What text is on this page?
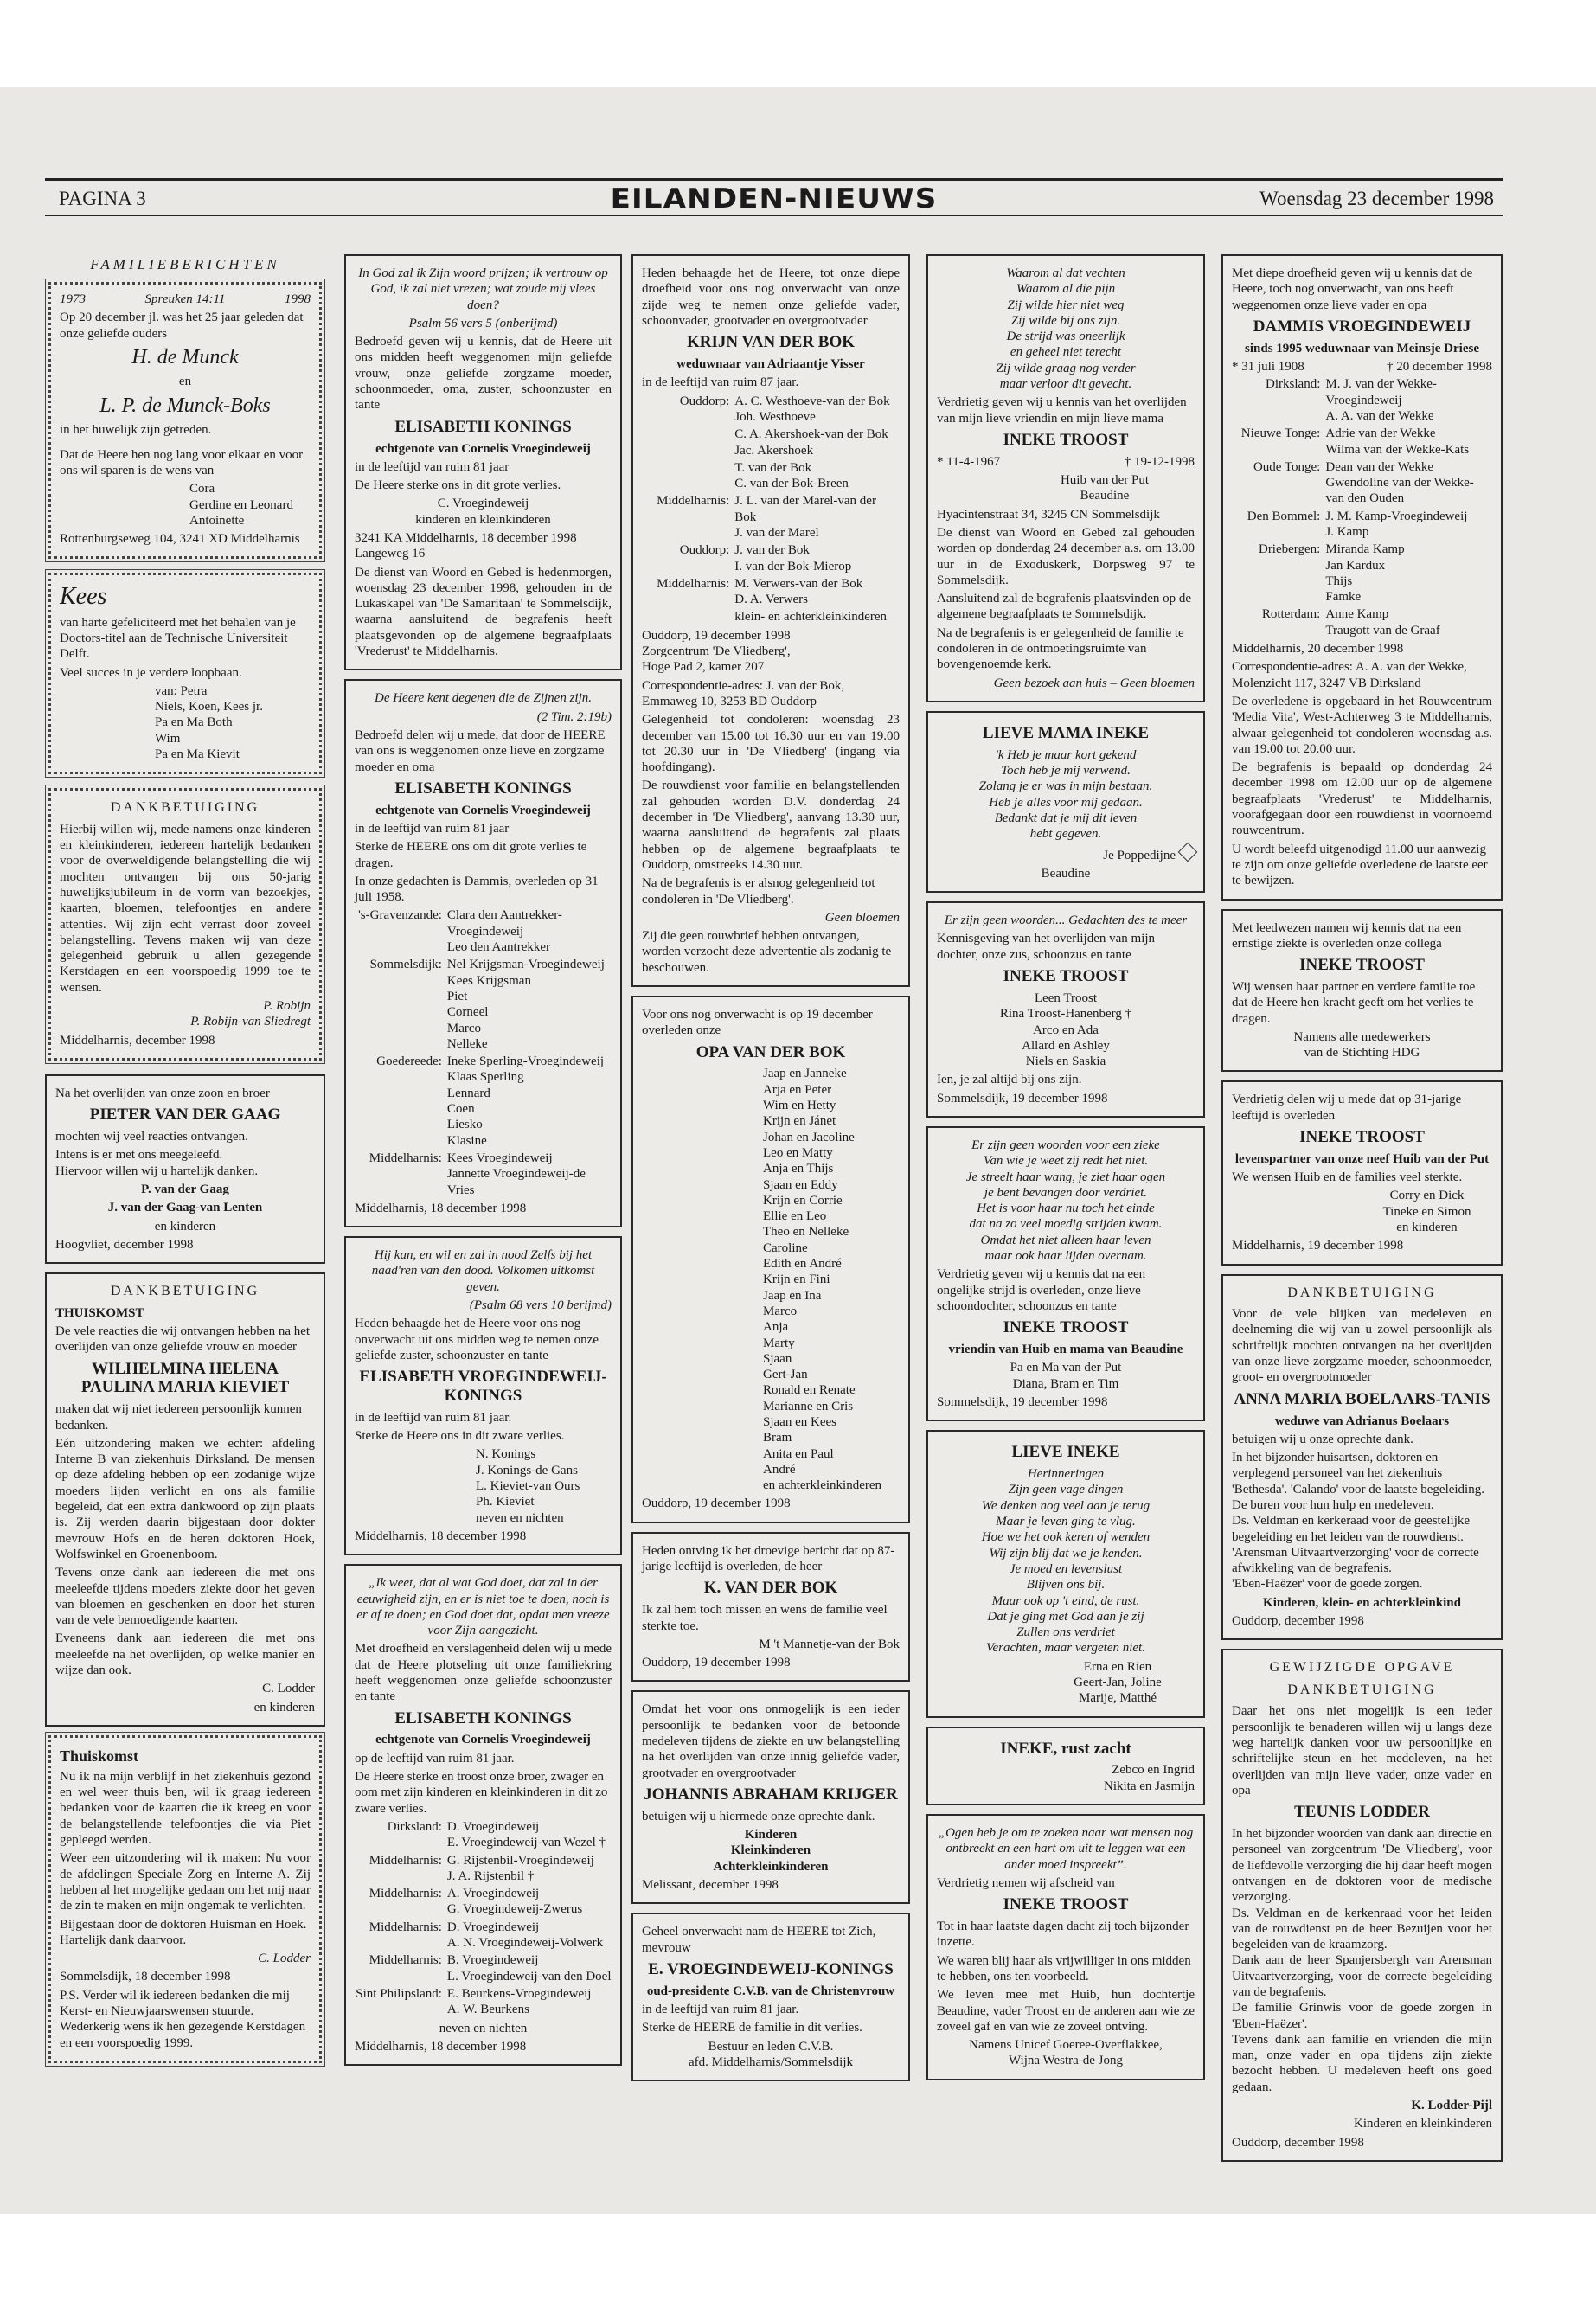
PAGINA 3	EILANDEN-NIEUWS	Woensdag 23 december 1998
FAMILIEBERICHTEN
1973	Spreuken 14:11	1998

Op 20 december jl. was het 25 jaar geleden dat onze geliefde ouders

H. de Munck
en
L. P. de Munck-Boks

in het huwelijk zijn getreden.

Dat de Heere hen nog lang voor elkaar en voor ons wil sparen is de wens van

Cora
Gerdine en Leonard
Antoinette

Rottenburgseweg 104, 3241 XD Middelharnis

Kees

van harte gefeliciteerd met het behalen van je Doctors-titel aan de Technische Universiteit Delft.

Veel succes in je verdere loopbaan.

van: Petra
Niels, Koen, Kees jr.
Pa en Ma Both
Wim
Pa en Ma Kievit

DANKBETUIGING

Hierbij willen wij, mede namens onze kinderen en kleinkinderen, iedereen hartelijk bedanken voor de overweldigende belangstelling die wij mochten ontvangen bij ons 50-jarig huwelijksjubileum in de vorm van bezoekjes, kaarten, bloemen, telefoontjes en andere attenties. Wij zijn echt verrast door zoveel belangstelling. Tevens maken wij van deze gelegenheid gebruik u allen gezegende Kerstdagen en een voorspoedig 1999 toe te wensen.

P. Robijn
P. Robijn-van Sliedregt

Middelharnis, december 1998

Na het overlijden van onze zoon en broer

PIETER VAN DER GAAG

mochten wij veel reacties ontvangen.

Intens is er met ons meegeleefd.
Hiervoor willen wij u hartelijk danken.

P. van der Gaag

J. van der Gaag-van Lenten

en kinderen

Hoogvliet, december 1998

DANKBETUIGING

THUISKOMST

De vele reacties die wij ontvangen hebben na het overlijden van onze geliefde vrouw en moeder

WILHELMINA HELENA PAULINA MARIA KIEVIET

maken dat wij niet iedereen persoonlijk kunnen bedanken.

Eén uitzondering maken we echter: afdeling Interne B van ziekenhuis Dirksland. De mensen op deze afdeling hebben op een zodanige wijze moeders lijden verlicht en ons als familie begeleid, dat een extra dankwoord op zijn plaats is. Zij werden daarin bijgestaan door dokter mevrouw Hofs en de heren doktoren Hoek, Wolfswinkel en Groenenboom.

Tevens onze dank aan iedereen die met ons meeleefde tijdens moeders ziekte door het geven van bloemen en geschenken en door het sturen van de vele bemoedigende kaarten.

Eveneens dank aan iedereen die met ons meeleefde na het overlijden, op welke manier en wijze dan ook.

C. Lodder

en kinderen

Thuiskomst

Nu ik na mijn verblijf in het ziekenhuis gezond en wel weer thuis ben, wil ik graag iedereen bedanken voor de kaarten die ik kreeg en voor de belangstellende telefoontjes die via Piet gepleegd werden.

Weer een uitzondering wil ik maken: Nu voor de afdelingen Speciale Zorg en Interne A. Zij hebben al het mogelijke gedaan om het mij naar de zin te maken en mijn ongemak te verlichten.

Bijgestaan door de doktoren Huisman en Hoek. Hartelijk dank daarvoor.

C. Lodder

Sommelsdijk, 18 december 1998

P.S. Verder wil ik iedereen bedanken die mij Kerst- en Nieuwjaarswensen stuurde. Wederkerig wens ik hen gezegende Kerstdagen en een voorspoedig 1999.

In God zal ik Zijn woord prijzen; ik vertrouw op God, ik zal niet vrezen; wat zoude mij vlees doen?

Psalm 56 vers 5 (onberijmd)

Bedroefd geven wij u kennis, dat de Heere uit ons midden heeft weggenomen mijn geliefde vrouw, onze geliefde zorgzame moeder, schoonmoeder, oma, zuster, schoonzuster en tante

ELISABETH KONINGS

echtgenote van Cornelis Vroegindeweij

in de leeftijd van ruim 81 jaar

De Heere sterke ons in dit grote verlies.

C. Vroegindeweij
kinderen en kleinkinderen

3241 KA Middelharnis, 18 december 1998
Langeweg 16

De dienst van Woord en Gebed is hedenmorgen, woensdag 23 december 1998, gehouden in de Lukaskapel van 'De Samaritaan' te Sommelsdijk, waarna aansluitend de begrafenis heeft plaatsgevonden op de algemene begraafplaats 'Vrederust' te Middelharnis.

De Heere kent degenen die de Zijnen zijn.

(2 Tim. 2:19b)

Bedroefd delen wij u mede, dat door de HEERE van ons is weggenomen onze lieve en zorgzame moeder en oma

ELISABETH KONINGS

echtgenote van Cornelis Vroegindeweij

in de leeftijd van ruim 81 jaar

Sterke de HEERE ons om dit grote verlies te dragen.

In onze gedachten is Dammis, overleden op 31 juli 1958.

's-Gravenzande: Clara den Aantrekker-Vroegindeweij
Leo den Aantrekker
Sommelsdijk: Nel Krijgsman-Vroegindeweij
Kees Krijgsman
Piet
Corneel
Marco
Nelleke
Goedereede: Ineke Sperling-Vroegindeweij
Klaas Sperling
Lennard
Coen
Liesko
Klasine
Middelharnis: Kees Vroegindeweij
Jannette Vroegindeweij-de Vries

Middelharnis, 18 december 1998

Hij kan, en wil en zal in nood Zelfs bij het naad'ren van den dood. Volkomen uitkomst geven.

(Psalm 68 vers 10 berijmd)

Heden behaagde het de Heere voor ons nog onverwacht uit ons midden weg te nemen onze geliefde zuster, schoonzuster en tante

ELISABETH VROEGINDEWEIJ-KONINGS

in de leeftijd van ruim 81 jaar.

Sterke de Heere ons in dit zware verlies.

N. Konings
J. Konings-de Gans
L. Kieviet-van Ours
Ph. Kieviet
neven en nichten

Middelharnis, 18 december 1998

„Ik weet, dat al wat God doet, dat zal in der eeuwigheid zijn, en er is niet toe te doen, noch is er af te doen; en God doet dat, opdat men vreeze voor Zijn aangezicht.

Met droefheid en verslagenheid delen wij u mede dat de Heere plotseling uit onze familiekring heeft weggenomen onze geliefde schoonzuster en tante

ELISABETH KONINGS

echtgenote van Cornelis Vroegindeweij

op de leeftijd van ruim 81 jaar.

De Heere sterke en troost onze broer, zwager en oom met zijn kinderen en kleinkinderen in dit zo zware verlies.

Dirksland: D. Vroegindeweij
E. Vroegindeweij-van Wezel †
Middelharnis: G. Rijstenbil-Vroegindeweij
J. A. Rijstenbil †
Middelharnis: A. Vroegindeweij
G. Vroegindeweij-Zwerus
Middelharnis: D. Vroegindeweij
A. N. Vroegindeweij-Volwerk
Middelharnis: B. Vroegindeweij
L. Vroegindeweij-van den Doel
Sint Philipsland: E. Beurkens-Vroegindeweij
A. W. Beurkens

neven en nichten

Middelharnis, 18 december 1998

Heden behaagde het de Heere, tot onze diepe droefheid voor ons nog onverwacht van onze zijde weg te nemen onze geliefde vader, schoonvader, grootvader en overgrootvader

KRIJN VAN DER BOK

weduwnaar van Adriaantje Visser

in de leeftijd van ruim 87 jaar.

Ouddorp: A. C. Westhoeve-van der Bok
Joh. Westhoeve
C. A. Akershoek-van der Bok
Jac. Akershoek
T. van der Bok
C. van der Bok-Breen
Middelharnis: J. L. van der Marel-van der Bok
J. van der Marel
Ouddorp: J. van der Bok
I. van der Bok-Mierop
Middelharnis: M. Verwers-van der Bok
D. A. Verwers
klein- en achterkleinkinderen

Ouddorp, 19 december 1998
Zorgcentrum 'De Vliedberg',
Hoge Pad 2, kamer 207

Correspondentie-adres: J. van der Bok, Emmaweg 10, 3253 BD Ouddorp

Gelegenheid tot condoleren: woensdag 23 december van 15.00 tot 16.30 uur en van 19.00 tot 20.30 uur in 'De Vliedberg' (ingang via hoofdingang).

De rouwdienst voor familie en belangstellenden zal gehouden worden D.V. donderdag 24 december in 'De Vliedberg', aanvang 13.30 uur, waarna aansluitend de begrafenis zal plaats hebben op de algemene begraafplaats te Ouddorp, omstreeks 14.30 uur.

Na de begrafenis is er alsnog gelegenheid tot condoleren in 'De Vliedberg'.

Geen bloemen

Zij die geen rouwbrief hebben ontvangen, worden verzocht deze advertentie als zodanig te beschouwen.

Voor ons nog onverwacht is op 19 december overleden onze

OPA VAN DER BOK

Jaap en Janneke
Arja en Peter
Wim en Hetty
Krijn en Jánet
Johan en Jacoline
Leo en Matty
Anja en Thijs
Sjaan en Eddy
Krijn en Corrie
Ellie en Leo
Theo en Nelleke
Caroline
Edith en André
Krijn en Fini
Jaap en Ina
Marco
Anja
Marty
Sjaan
Gert-Jan
Ronald en Renate
Marianne en Cris
Sjaan en Kees
Bram
Anita en Paul
André
en achterkleinkinderen

Ouddorp, 19 december 1998

Heden ontving ik het droevige bericht dat op 87-jarige leeftijd is overleden, de heer

K. VAN DER BOK

Ik zal hem toch missen en wens de familie veel sterkte toe.

M 't Mannetje-van der Bok

Ouddorp, 19 december 1998

Omdat het voor ons onmogelijk is een ieder persoonlijk te bedanken voor de betoonde medeleven tijdens de ziekte en uw belangstelling na het overlijden van onze innig geliefde vader, grootvader en overgrootvader

JOHANNIS ABRAHAM KRIJGER

betuigen wij u hiermede onze oprechte dank.

Kinderen
Kleinkinderen
Achterkleinkinderen

Melissant, december 1998

Geheel onverwacht nam de HEERE tot Zich, mevrouw

E. VROEGINDEWEIJ-KONINGS

oud-presidente C.V.B. van de Christenvrouw

in de leeftijd van ruim 81 jaar.

Sterke de HEERE de familie in dit verlies.

Bestuur en leden C.V.B.
afd. Middelharnis/Sommelsdijk

Waarom al dat vechten
Waarom al die pijn
Zij wilde hier niet weg
Zij wilde bij ons zijn.
De strijd was oneerlijk
en geheel niet terecht
Zij wilde graag nog verder
maar verloor dit gevecht.

Verdrietig geven wij u kennis van het overlijden van mijn lieve vriendin en mijn lieve mama

INEKE TROOST
* 11-4-1967	† 19-12-1998

Huib van der Put
Beaudine

Hyacintenstraat 34, 3245 CN Sommelsdijk

De dienst van Woord en Gebed zal gehouden worden op donderdag 24 december a.s. om 13.00 uur in de Exoduskerk, Dorpsweg 97 te Sommelsdijk.

Aansluitend zal de begrafenis plaatsvinden op de algemene begraafplaats te Sommelsdijk.

Na de begrafenis is er gelegenheid de familie te condoleren in de ontmoetingsruimte van bovengenoemde kerk.

Geen bezoek aan huis – Geen bloemen

LIEVE MAMA INEKE

'k Heb je maar kort gekend
Toch heb je mij verwend.
Zolang je er was in mijn bestaan.
Heb je alles voor mij gedaan.
Bedankt dat je mij dit leven
hebt gegeven.

Je Poppedijne

Beaudine

Er zijn geen woorden... Gedachten des te meer

Kennisgeving van het overlijden van mijn dochter, onze zus, schoonzus en tante

INEKE TROOST

Leen Troost
Rina Troost-Hanenberg †
Arco en Ada
Allard en Ashley
Niels en Saskia

Ien, je zal altijd bij ons zijn.

Sommelsdijk, 19 december 1998

Er zijn geen woorden voor een zieke
Van wie je weet zij redt het niet.
Je streelt haar wang, je ziet haar ogen
je bent bevangen door verdriet.
Het is voor haar nu toch het einde
dat na zo veel moedig strijden kwam.
Omdat het niet alleen haar leven
maar ook haar lijden overnam.

Verdrietig geven wij u kennis dat na een ongelijke strijd is overleden, onze lieve schoondochter, schoonzus en tante

INEKE TROOST

vriendin van Huib en mama van Beaudine

Pa en Ma van der Put
Diana, Bram en Tim

Sommelsdijk, 19 december 1998

LIEVE INEKE

Herinneringen
Zijn geen vage dingen
We denken nog veel aan je terug
Maar je leven ging te vlug.
Hoe we het ook keren of wenden
Wij zijn blij dat we je kenden.
Je moed en levenslust
Blijven ons bij.
Maar ook op 't eind, de rust.
Dat je ging met God aan je zij
Zullen ons verdriet
Verachten, maar vergeten niet.

Erna en Rien
Geert-Jan, Joline
Marije, Matthé

INEKE, rust zacht

Zebco en Ingrid
Nikita en Jasmijn

„Ogen heb je om te zoeken naar wat mensen nog ontbreekt en een hart om uit te leggen wat een ander moed inspreekt”.

Verdrietig nemen wij afscheid van

INEKE TROOST

Tot in haar laatste dagen dacht zij toch bijzonder inzette.

We waren blij haar als vrijwilliger in ons midden te hebben, ons ten voorbeeld.

We leven mee met Huib, hun dochtertje Beaudine, vader Troost en de anderen aan wie ze zoveel gaf en van wie ze zoveel ontving.

Namens Unicef Goeree-Overflakkee,
Wijna Westra-de Jong

Met diepe droefheid geven wij u kennis dat de Heere, toch nog onverwacht, van ons heeft weggenomen onze lieve vader en opa

DAMMIS VROEGINDEWEIJ

sinds 1995 weduwnaar van Meinsje Driese

* 31 juli 1908	† 20 december 1998
Dirksland: M. J. van der Wekke-Vroegindeweij
A. A. van der Wekke
Nieuwe Tonge: Adrie van der Wekke
Wilma van der Wekke-Kats
Oude Tonge: Dean van der Wekke
Gwendoline van der Wekke-van den Ouden
Den Bommel: J. M. Kamp-Vroegindeweij
J. Kamp
Driebergen: Miranda Kamp
Jan Kardux
Thijs
Famke
Rotterdam: Anne Kamp
Traugott van de Graaf

Middelharnis, 20 december 1998

Correspondentie-adres: A. A. van der Wekke, Molenzicht 117, 3247 VB Dirksland

De overledene is opgebaard in het Rouwcentrum 'Media Vita', West-Achterweg 3 te Middelharnis, alwaar gelegenheid tot condoleren woensdag a.s. van 19.00 tot 20.00 uur.

De begrafenis is bepaald op donderdag 24 december 1998 om 12.00 uur op de algemene begraafplaats 'Vrederust' te Middelharnis, voorafgegaan door een rouwdienst in voornoemd rouwcentrum.

U wordt beleefd uitgenodigd 11.00 uur aanwezig te zijn om onze geliefde overledene de laatste eer te bewijzen.

Met leedwezen namen wij kennis dat na een ernstige ziekte is overleden onze collega

INEKE TROOST

Wij wensen haar partner en verdere familie toe dat de Heere hen kracht geeft om het verlies te dragen.

Namens alle medewerkers
van de Stichting HDG

Verdrietig delen wij u mede dat op 31-jarige leeftijd is overleden

INEKE TROOST

levenspartner van onze neef Huib van der Put

We wensen Huib en de families veel sterkte.

Corry en Dick
Tineke en Simon
en kinderen

Middelharnis, 19 december 1998

DANKBETUIGING

Voor de vele blijken van medeleven en deelneming die wij van u zowel persoonlijk als schriftelijk mochten ontvangen na het overlijden van onze lieve zorgzame moeder, schoonmoeder, groot- en overgrootmoeder

ANNA MARIA BOELAARS-TANIS

weduwe van Adrianus Boelaars

betuigen wij u onze oprechte dank.

In het bijzonder huisartsen, doktoren en verplegend personeel van het ziekenhuis 'Bethesda'. 'Calando' voor de laatste begeleiding.
De buren voor hun hulp en medeleven.
Ds. Veldman en kerkeraad voor de geestelijke begeleiding en het leiden van de rouwdienst.
'Arensman Uitvaartverzorging' voor de correcte afwikkeling van de begrafenis.
'Eben-Haëzer' voor de goede zorgen.

Kinderen, klein- en achterkleinkind

Ouddorp, december 1998

GEWIJZIGDE OPGAVE
DANKBETUIGING

Daar het ons niet mogelijk is een ieder persoonlijk te benaderen willen wij u langs deze weg hartelijk danken voor uw persoonlijke en schriftelijke steun en het medeleven, na het overlijden van mijn lieve vader, onze vader en opa

TEUNIS LODDER

In het bijzonder woorden van dank aan directie en personeel van zorgcentrum 'De Vliedberg', voor de liefdevolle verzorging die hij daar heeft mogen ontvangen en de doktoren voor de medische verzorging.
Ds. Veldman en de kerkenraad voor het leiden van de rouwdienst en de heer Bezuijen voor het begeleiden van de kraamzorg.
Dank aan de heer Spanjersbergh van Arensman Uitvaartverzorging, voor de correcte begeleiding van de begrafenis.
De familie Grinwis voor de goede zorgen in 'Eben-Haëzer'.
Tevens dank aan familie en vrienden die mijn man, onze vader en opa tijdens zijn ziekte bezocht hebben. U medeleven heeft ons goed gedaan.

K. Lodder-Pijl

Kinderen en kleinkinderen

Ouddorp, december 1998
